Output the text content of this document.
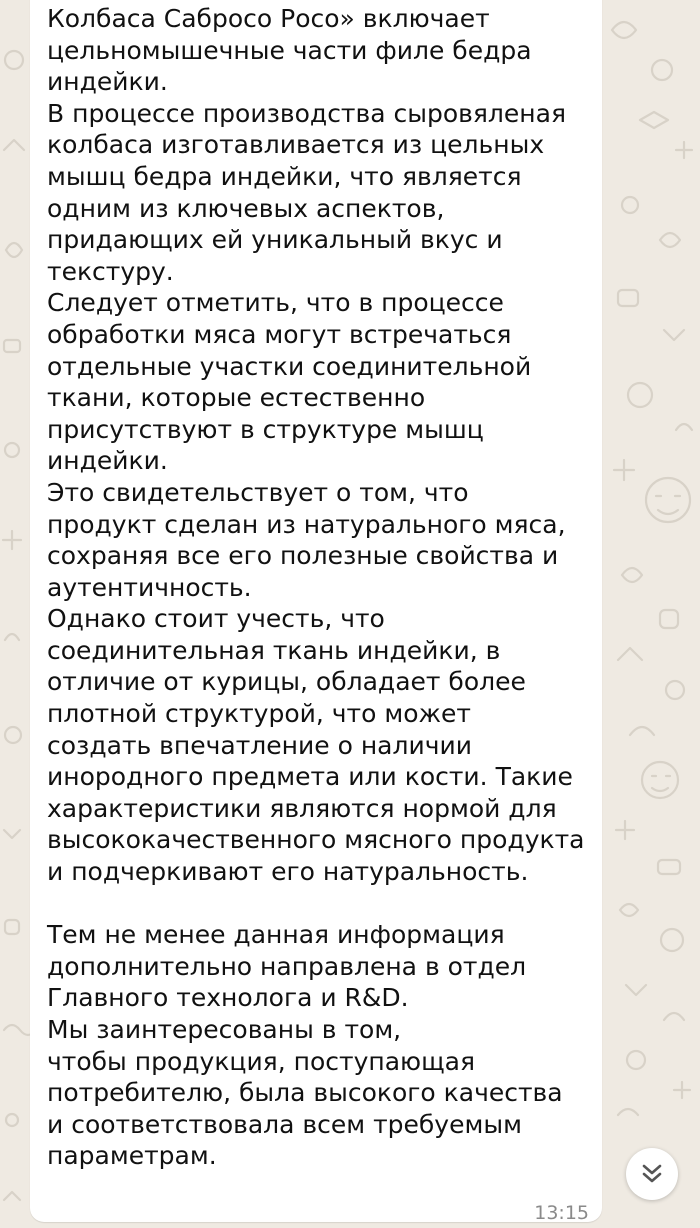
Колбаса Сабросо Росо» включает
цельномышечные части филе бедра
индейки.
В процессе производства сыровяленая
колбаса изготавливается из цельных
мышц бедра индейки, что является
одним из ключевых аспектов,
придающих ей уникальный вкус и
текстуру.
Следует отметить, что в процессе
обработки мяса могут встречаться
отдельные участки соединительной
ткани, которые естественно
присутствуют в структуре мышц
индейки.
Это свидетельствует о том, что
продукт сделан из натурального мяса,
сохраняя все его полезные свойства и
аутентичность.
Однако стоит учесть, что
соединительная ткань индейки, в
отличие от курицы, обладает более
плотной структурой, что может
создать впечатление о наличии
инородного предмета или кости. Такие
характеристики являются нормой для
высококачественного мясного продукта
и подчеркивают его натуральность.

Тем не менее данная информация
дополнительно направлена в отдел
Главного технолога и R&D.
Мы заинтересованы в том,
чтобы продукция, поступающая
потребителю, была высокого качества
и соответствовала всем требуемым
параметрам.

13:15
